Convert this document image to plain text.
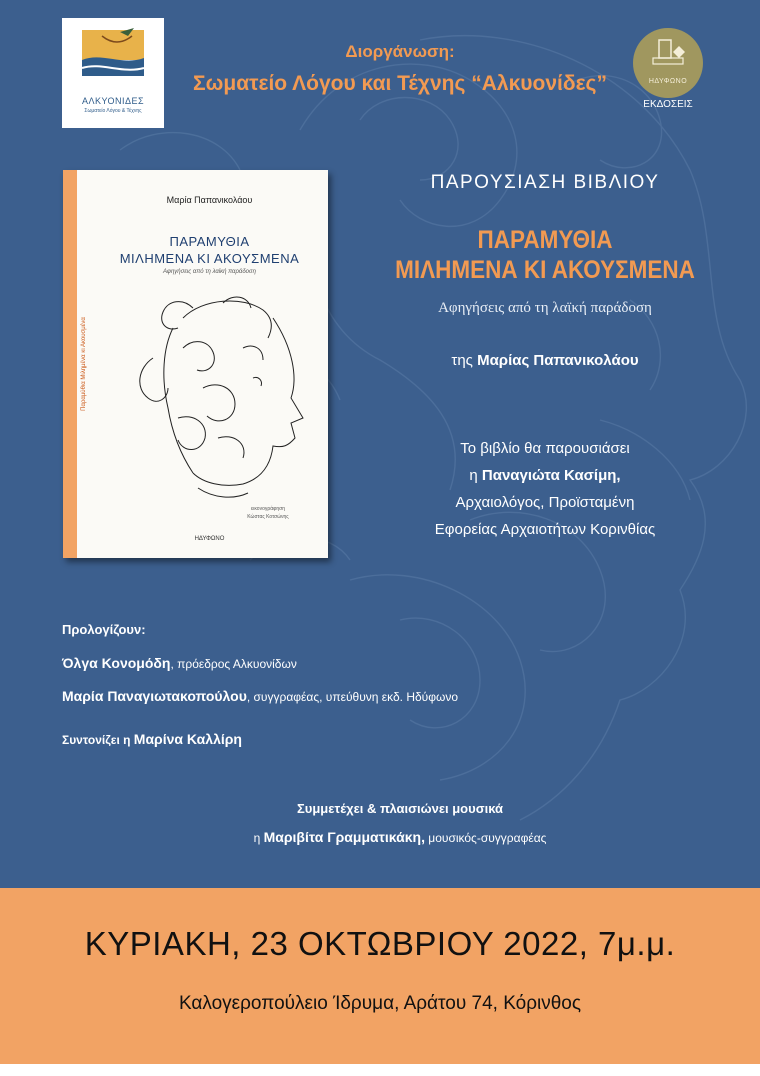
ΑΛΚΥΟΝΙΔΕΣ
Σωματείο Λόγου & Τέχνης
Διοργάνωση:
Σωματείο Λόγου και Τέχνης “Αλκυονίδες”	ΗΔΥΦΩΝΟ
ΕΚΔΟΣΕΙΣ
Παραμύθια Μιλημένα κι Ακουσμένα
Μαρία Παπανικολάου
ΠΑΡΑΜΥΘΙΑ
ΜΙΛΗΜΕΝΑ ΚΙ ΑΚΟΥΣΜΕΝΑ
Αφηγήσεις από τη λαϊκή παράδοση
εικονογράφηση
Κώστας Κοτσώνης
ΗΔΥΦΩΝΟ
ΠΑΡΟΥΣΙΑΣΗ ΒΙΒΛΙΟΥ
ΠΑΡΑΜΥΘΙΑ
ΜΙΛΗΜΕΝΑ ΚΙ ΑΚΟΥΣΜΕΝΑ
Αφηγήσεις από τη λαϊκή παράδοση
της Μαρίας Παπανικολάου
Το βιβλίο θα παρουσιάσει
η Παναγιώτα Κασίμη,
Αρχαιολόγος, Προϊσταμένη
Εφορείας Αρχαιοτήτων Κορινθίας
Προλογίζουν:
Όλγα Κονομόδη, πρόεδρος Αλκυονίδων
Μαρία Παναγιωτακοπούλου, συγγραφέας, υπεύθυνη εκδ. Ηδύφωνο
Συντονίζει η Μαρίνα Καλλίρη
Συμμετέχει & πλαισιώνει μουσικά
η Μαριβίτα Γραμματικάκη, μουσικός-συγγραφέας
ΚΥΡΙΑΚΗ, 23 ΟΚΤΩΒΡΙΟΥ 2022, 7μ.μ.
Καλογεροπούλειο Ίδρυμα, Αράτου 74, Κόρινθος
